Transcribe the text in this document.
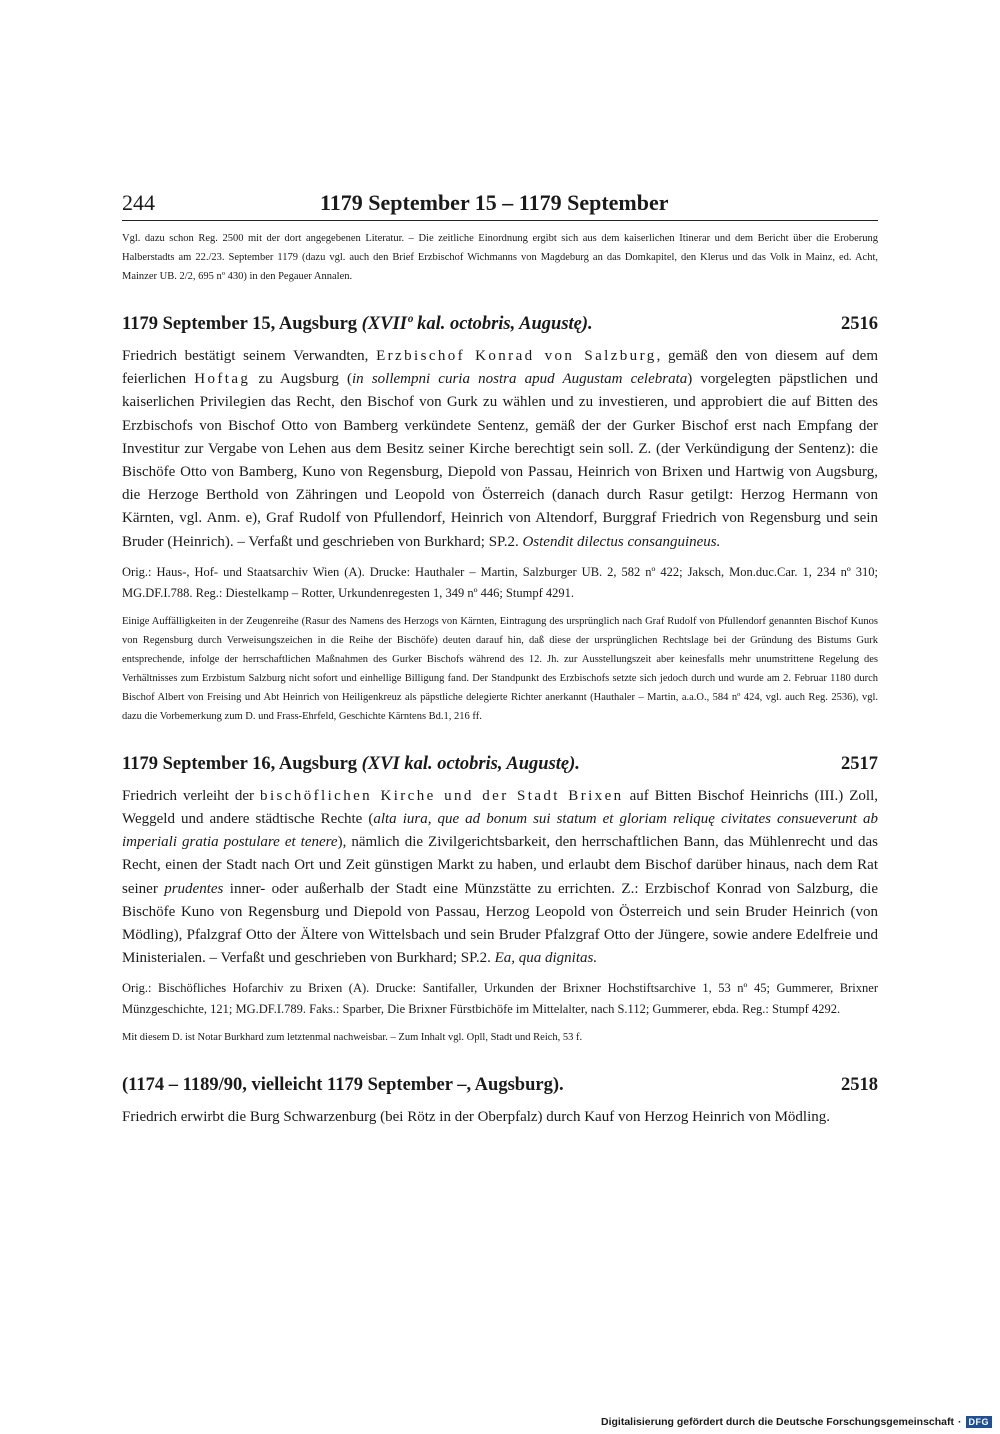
244	1179 September 15 – 1179 September
Vgl. dazu schon Reg. 2500 mit der dort angegebenen Literatur. – Die zeitliche Einordnung ergibt sich aus dem kaiserlichen Itinerar und dem Bericht über die Eroberung Halberstadts am 22./23. September 1179 (dazu vgl. auch den Brief Erzbischof Wichmanns von Magdeburg an das Domkapitel, den Klerus und das Volk in Mainz, ed. Acht, Mainzer UB. 2/2, 695 nº 430) in den Pegauer Annalen.
1179 September 15, Augsburg (XVIIº kal. octobris, Augustę).	2516
Friedrich bestätigt seinem Verwandten, Erzbischof Konrad von Salzburg, gemäß den von diesem auf dem feierlichen Hoftag zu Augsburg (in sollempni curia nostra apud Augustam celebrata) vorgelegten päpstlichen und kaiserlichen Privilegien das Recht, den Bischof von Gurk zu wählen und zu investieren, und approbiert die auf Bitten des Erzbischofs von Bischof Otto von Bamberg verkündete Sentenz, gemäß der der Gurker Bischof erst nach Empfang der Investitur zur Vergabe von Lehen aus dem Besitz seiner Kirche berechtigt sein soll. Z. (der Verkündigung der Sentenz): die Bischöfe Otto von Bamberg, Kuno von Regensburg, Diepold von Passau, Heinrich von Brixen und Hartwig von Augsburg, die Herzoge Berthold von Zähringen und Leopold von Österreich (danach durch Rasur getilgt: Herzog Hermann von Kärnten, vgl. Anm. e), Graf Rudolf von Pfullendorf, Heinrich von Altendorf, Burggraf Friedrich von Regensburg und sein Bruder (Heinrich). – Verfaßt und geschrieben von Burkhard; SP.2. Ostendit dilectus consanguineus.
Orig.: Haus-, Hof- und Staatsarchiv Wien (A). Drucke: Hauthaler – Martin, Salzburger UB. 2, 582 nº 422; Jaksch, Mon.duc.Car. 1, 234 nº 310; MG.DF.I.788. Reg.: Diestelkamp – Rotter, Urkundenregesten 1, 349 nº 446; Stumpf 4291.
Einige Auffälligkeiten in der Zeugenreihe (Rasur des Namens des Herzogs von Kärnten, Eintragung des ursprünglich nach Graf Rudolf von Pfullendorf genannten Bischof Kunos von Regensburg durch Verweisungszeichen in die Reihe der Bischöfe) deuten darauf hin, daß diese der ursprünglichen Rechtslage bei der Gründung des Bistums Gurk entsprechende, infolge der herrschaftlichen Maßnahmen des Gurker Bischofs während des 12. Jh. zur Ausstellungszeit aber keinesfalls mehr unumstrittene Regelung des Verhältnisses zum Erzbistum Salzburg nicht sofort und einhellige Billigung fand. Der Standpunkt des Erzbischofs setzte sich jedoch durch und wurde am 2. Februar 1180 durch Bischof Albert von Freising und Abt Heinrich von Heiligenkreuz als päpstliche delegierte Richter anerkannt (Hauthaler – Martin, a.a.O., 584 nº 424, vgl. auch Reg. 2536), vgl. dazu die Vorbemerkung zum D. und Frass-Ehrfeld, Geschichte Kärntens Bd.1, 216 ff.
1179 September 16, Augsburg (XVI kal. octobris, Augustę).	2517
Friedrich verleiht der bischöflichen Kirche und der Stadt Brixen auf Bitten Bischof Heinrichs (III.) Zoll, Weggeld und andere städtische Rechte (alta iura, que ad bonum sui statum et gloriam reliquę civitates consueverunt ab imperiali gratia postulare et tenere), nämlich die Zivilgerichtsbarkeit, den herrschaftlichen Bann, das Mühlenrecht und das Recht, einen der Stadt nach Ort und Zeit günstigen Markt zu haben, und erlaubt dem Bischof darüber hinaus, nach dem Rat seiner prudentes inner- oder außerhalb der Stadt eine Münzstätte zu errichten. Z.: Erzbischof Konrad von Salzburg, die Bischöfe Kuno von Regensburg und Diepold von Passau, Herzog Leopold von Österreich und sein Bruder Heinrich (von Mödling), Pfalzgraf Otto der Ältere von Wittelsbach und sein Bruder Pfalzgraf Otto der Jüngere, sowie andere Edelfreie und Ministerialen. – Verfaßt und geschrieben von Burkhard; SP.2. Ea, qua dignitas.
Orig.: Bischöfliches Hofarchiv zu Brixen (A). Drucke: Santifaller, Urkunden der Brixner Hochstiftsarchive 1, 53 nº 45; Gummerer, Brixner Münzgeschichte, 121; MG.DF.I.789. Faks.: Sparber, Die Brixner Fürstbichöfe im Mittelalter, nach S.112; Gummerer, ebda. Reg.: Stumpf 4292.
Mit diesem D. ist Notar Burkhard zum letztenmal nachweisbar. – Zum Inhalt vgl. Opll, Stadt und Reich, 53 f.
(1174 – 1189/90, vielleicht 1179 September –, Augsburg).	2518
Friedrich erwirbt die Burg Schwarzenburg (bei Rötz in der Oberpfalz) durch Kauf von Herzog Heinrich von Mödling.
Digitalisierung gefördert durch die Deutsche Forschungsgemeinschaft · DFG
